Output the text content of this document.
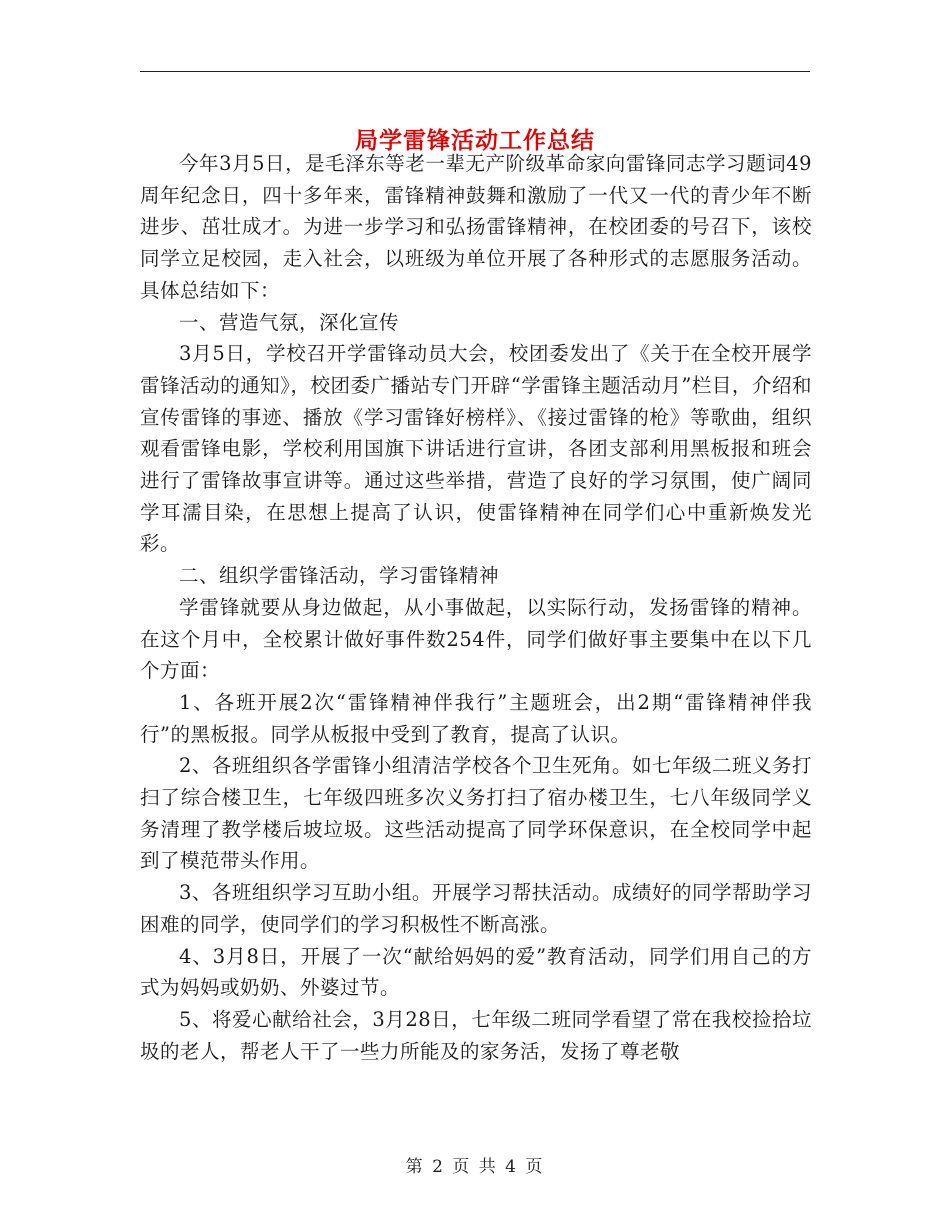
局学雷锋活动工作总结

今年3月5日，是毛泽东等老一辈无产阶级革命家向雷锋同志学习题词49周年纪念日，四十多年来，雷锋精神鼓舞和激励了一代又一代的青少年不断进步、茁壮成才。为进一步学习和弘扬雷锋精神，在校团委的号召下，该校同学立足校园，走入社会，以班级为单位开展了各种形式的志愿服务活动。具体总结如下：

一、营造气氛，深化宣传

3月5日，学校召开学雷锋动员大会，校团委发出了《关于在全校开展学雷锋活动的通知》，校团委广播站专门开辟“学雷锋主题活动月”栏目，介绍和宣传雷锋的事迹、播放《学习雷锋好榜样》、《接过雷锋的枪》等歌曲，组织观看雷锋电影，学校利用国旗下讲话进行宣讲，各团支部利用黑板报和班会进行了雷锋故事宣讲等。通过这些举措，营造了良好的学习氛围，使广阔同学耳濡目染，在思想上提高了认识，使雷锋精神在同学们心中重新焕发光彩。

二、组织学雷锋活动，学习雷锋精神

学雷锋就要从身边做起，从小事做起，以实际行动，发扬雷锋的精神。在这个月中，全校累计做好事件数254件，同学们做好事主要集中在以下几个方面：

1、各班开展2次“雷锋精神伴我行”主题班会，出2期“雷锋精神伴我行”的黑板报。同学从板报中受到了教育，提高了认识。

2、各班组织各学雷锋小组清洁学校各个卫生死角。如七年级二班义务打扫了综合楼卫生，七年级四班多次义务打扫了宿办楼卫生，七八年级同学义务清理了教学楼后坡垃圾。这些活动提高了同学环保意识，在全校同学中起到了模范带头作用。

3、各班组织学习互助小组。开展学习帮扶活动。成绩好的同学帮助学习困难的同学，使同学们的学习积极性不断高涨。

4、3月8日，开展了一次“献给妈妈的爱”教育活动，同学们用自己的方式为妈妈或奶奶、外婆过节。

5、将爱心献给社会，3月28日，七年级二班同学看望了常在我校捡拾垃圾的老人，帮老人干了一些力所能及的家务活，发扬了尊老敬

第 2 页 共 4 页
